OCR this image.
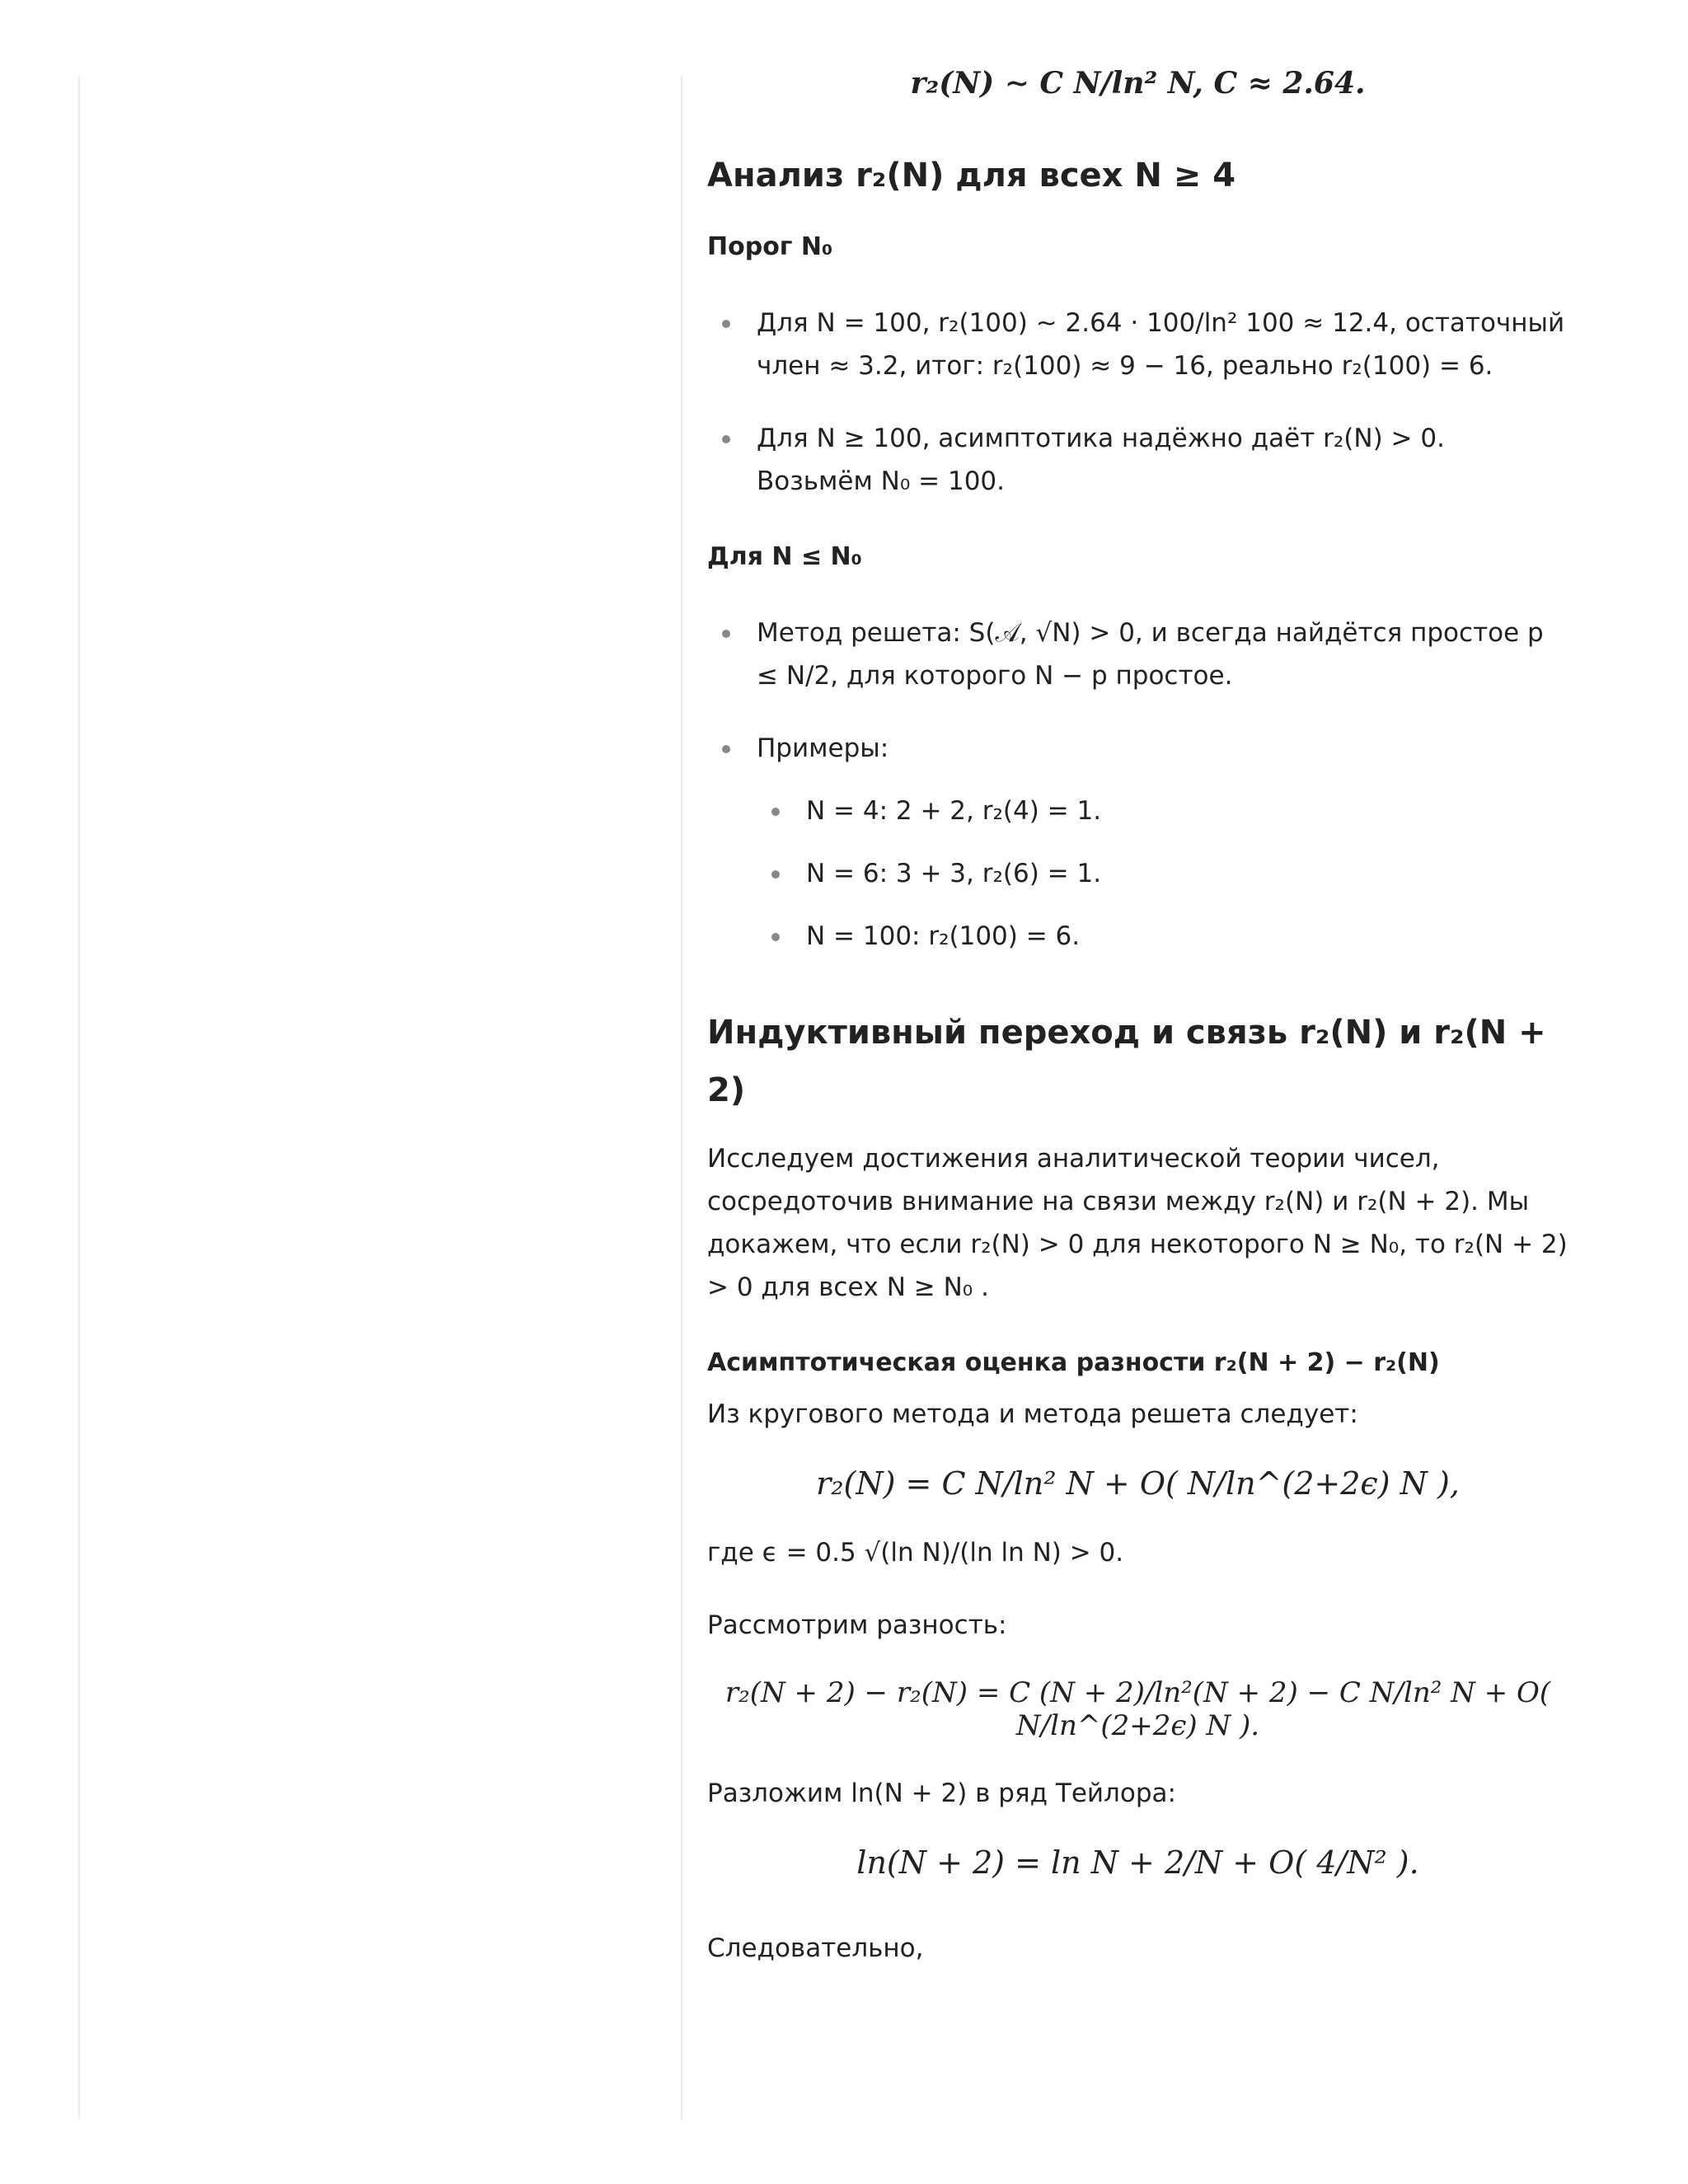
r₂(N) ∼ C N/ln² N, C ≈ 2.64.
Анализ r₂(N) для всех N ≥ 4
Порог N₀
Для N = 100, r₂(100) ∼ 2.64 · 100/ln² 100 ≈ 12.4, остаточный член ≈ 3.2, итог: r₂(100) ≈ 9 − 16, реально r₂(100) = 6.
Для N ≥ 100, асимптотика надёжно даёт r₂(N) > 0. Возьмём N₀ = 100.
Для N ≤ N₀
Метод решета: S(𝒜, √N) > 0, и всегда найдётся простое p ≤ N/2, для которого N − p простое.
Примеры:
N = 4: 2 + 2, r₂(4) = 1.
N = 6: 3 + 3, r₂(6) = 1.
N = 100: r₂(100) = 6.
Индуктивный переход и связь r₂(N) и r₂(N + 2)

Исследуем достижения аналитической теории чисел, сосредоточив внимание на связи между r₂(N) и r₂(N + 2). Мы докажем, что если r₂(N) > 0 для некоторого N ≥ N₀, то r₂(N + 2) > 0 для всех N ≥ N₀ .

Асимптотическая оценка разности r₂(N + 2) − r₂(N)

Из кругового метода и метода решета следует:

r₂(N) = C N/ln² N + O( N/ln^(2+2ϵ) N ),

где ϵ = 0.5 √(ln N)/(ln ln N) > 0.

Рассмотрим разность:

r₂(N + 2) − r₂(N) = C (N + 2)/ln²(N + 2) − C N/ln² N + O( N/ln^(2+2ϵ) N ).

Разложим ln(N + 2) в ряд Тейлора:

ln(N + 2) = ln N + 2/N + O( 4/N² ).

Следовательно,
